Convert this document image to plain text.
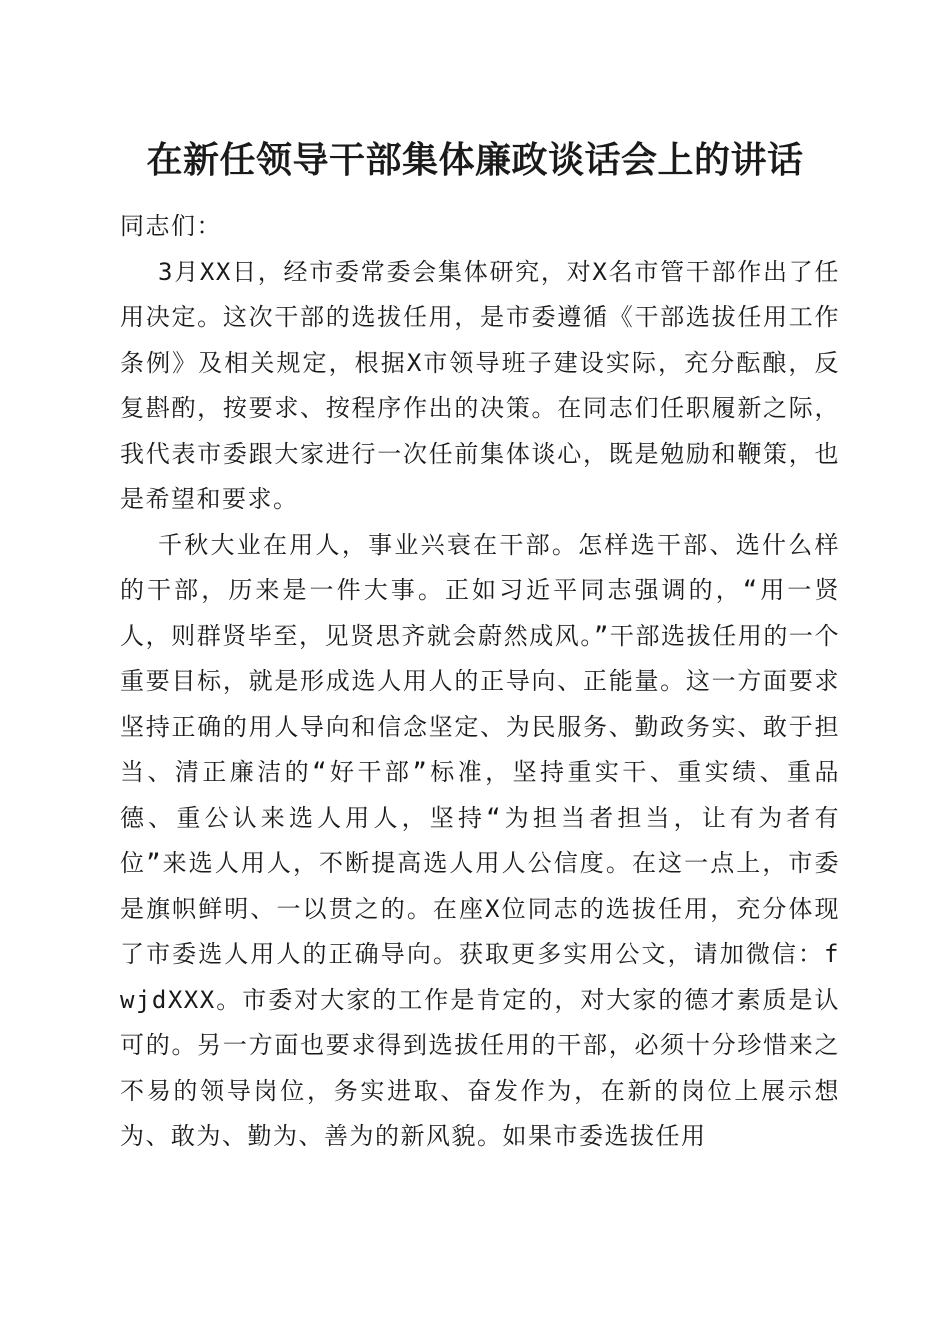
在新任领导干部集体廉政谈话会上的讲话

同志们：

3月XX日，经市委常委会集体研究，对X名市管干部作出了任用决定。这次干部的选拔任用，是市委遵循《干部选拔任用工作条例》及相关规定，根据X市领导班子建设实际，充分酝酿，反复斟酌，按要求、按程序作出的决策。在同志们任职履新之际，我代表市委跟大家进行一次任前集体谈心，既是勉励和鞭策，也是希望和要求。

千秋大业在用人，事业兴衰在干部。怎样选干部、选什么样的干部，历来是一件大事。正如习近平同志强调的，“用一贤人，则群贤毕至，见贤思齐就会蔚然成风。”干部选拔任用的一个重要目标，就是形成选人用人的正导向、正能量。这一方面要求坚持正确的用人导向和信念坚定、为民服务、勤政务实、敢于担当、清正廉洁的“好干部”标准，坚持重实干、重实绩、重品德、重公认来选人用人，坚持“为担当者担当，让有为者有位”来选人用人，不断提高选人用人公信度。在这一点上，市委是旗帜鲜明、一以贯之的。在座X位同志的选拔任用，充分体现了市委选人用人的正确导向。获取更多实用公文，请加微信：fwjdXXX。市委对大家的工作是肯定的，对大家的德才素质是认可的。另一方面也要求得到选拔任用的干部，必须十分珍惜来之不易的领导岗位，务实进取、奋发作为，在新的岗位上展示想为、敢为、勤为、善为的新风貌。如果市委选拔任用
